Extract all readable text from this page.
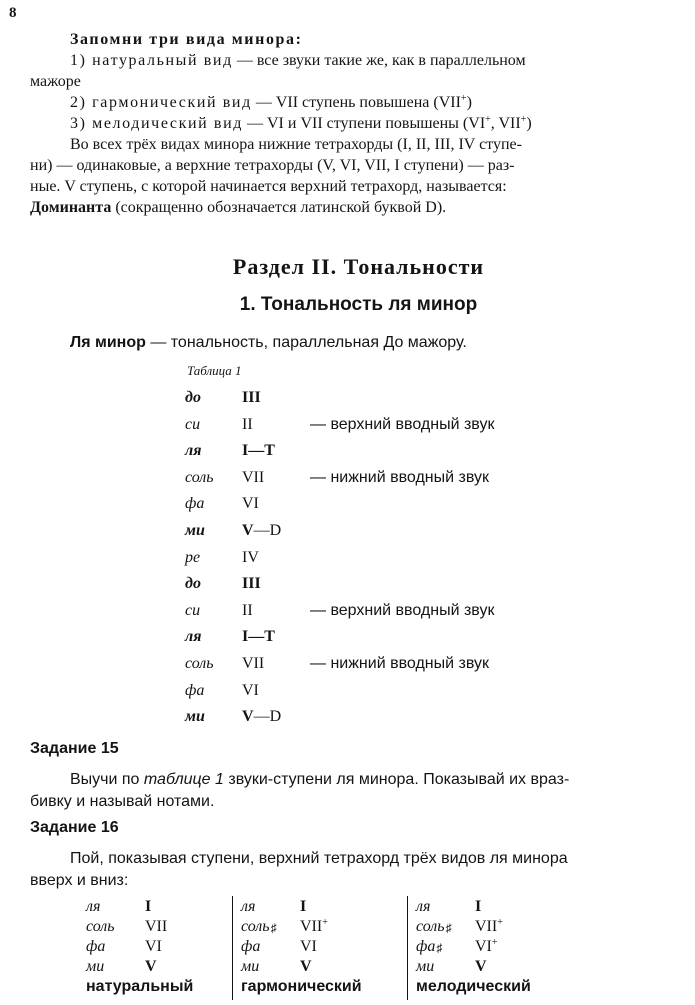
8
Запомни три вида минора:
1) натуральный вид — все звуки такие же, как в параллельном
мажоре
2) гармонический вид — VII ступень повышена (VII+)
3) мелодический вид — VI и VII ступени повышены (VI+, VII+)
Во всех трёх видах минора нижние тетрахорды (I, II, III, IV ступе-
ни) — одинаковые, а верхние тетрахорды (V, VI, VII, I ступени) — раз-
ные. V ступень, с которой начинается верхний тетрахорд, называется:
Доминанта (сокращенно обозначается латинской буквой D).
Раздел II. Тональности
1. Тональность ля минор
Ля минор — тональность, параллельная До мажору.
Таблица 1
до	III
си	II	— верхний вводный звук
ля	I—T
соль VII	— нижний вводный звук
фа VI
ми V—D
ре	IV
до	III
си	II	— верхний вводный звук
ля	I—T
соль VII	— нижний вводный звук
фа VI
ми V—D
Задание 15
Выучи по таблице 1 звуки-ступени ля минора. Показывай их враз-
бивку и называй нотами.
Задание 16
Пой, показывая ступени, верхний тетрахорд трёх видов ля минора
вверх и вниз:
ля	I
соль VII
фа VI
ми	V
натуральный
ля	I
соль♯ VII+
фа VI
ми	V
гармонический
ля	I
соль♯ VII+
фа♯ VI+
ми	V
мелодический
